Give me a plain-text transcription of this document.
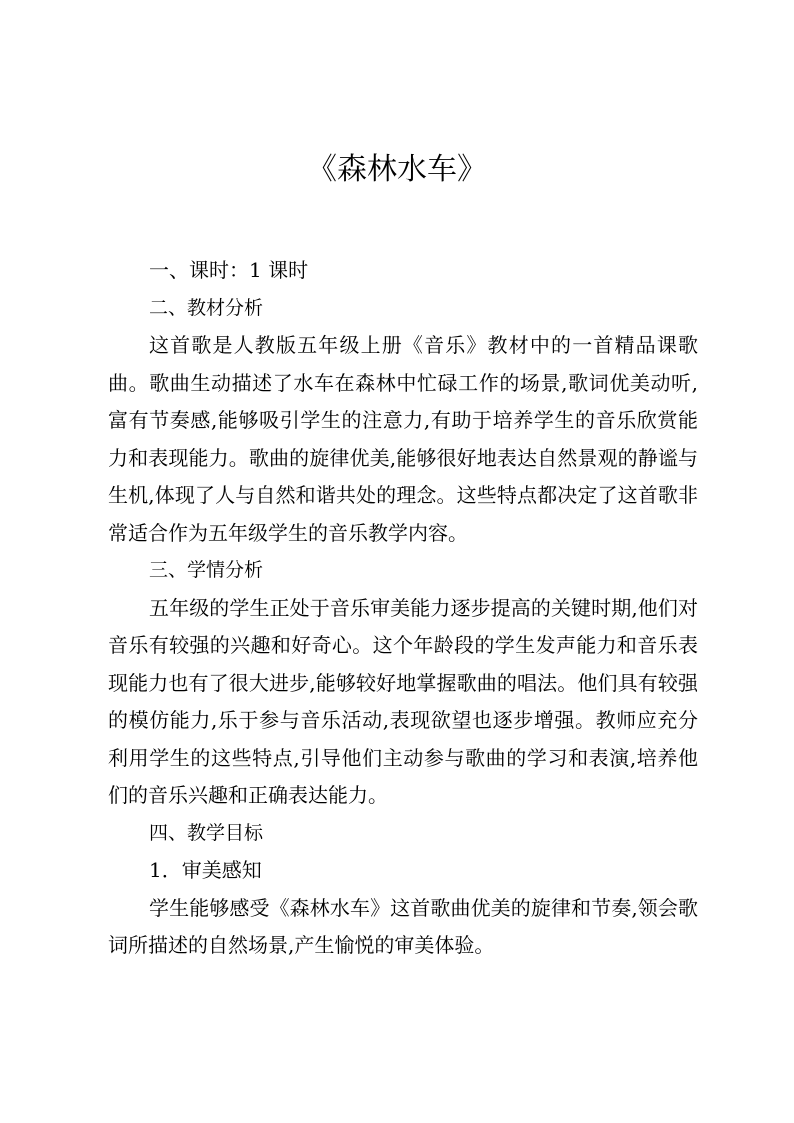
《森林水车》

一、课时：1 课时

二、教材分析

这首歌是人教版五年级上册《音乐》教材中的一首精品课歌曲。歌曲生动描述了水车在森林中忙碌工作的场景,歌词优美动听,富有节奏感,能够吸引学生的注意力,有助于培养学生的音乐欣赏能力和表现能力。歌曲的旋律优美,能够很好地表达自然景观的静谧与生机,体现了人与自然和谐共处的理念。这些特点都决定了这首歌非常适合作为五年级学生的音乐教学内容。

三、学情分析

五年级的学生正处于音乐审美能力逐步提高的关键时期,他们对音乐有较强的兴趣和好奇心。这个年龄段的学生发声能力和音乐表现能力也有了很大进步,能够较好地掌握歌曲的唱法。他们具有较强的模仿能力,乐于参与音乐活动,表现欲望也逐步增强。教师应充分利用学生的这些特点,引导他们主动参与歌曲的学习和表演,培养他们的音乐兴趣和正确表达能力。

四、教学目标

1．审美感知

学生能够感受《森林水车》这首歌曲优美的旋律和节奏,领会歌词所描述的自然场景,产生愉悦的审美体验。
